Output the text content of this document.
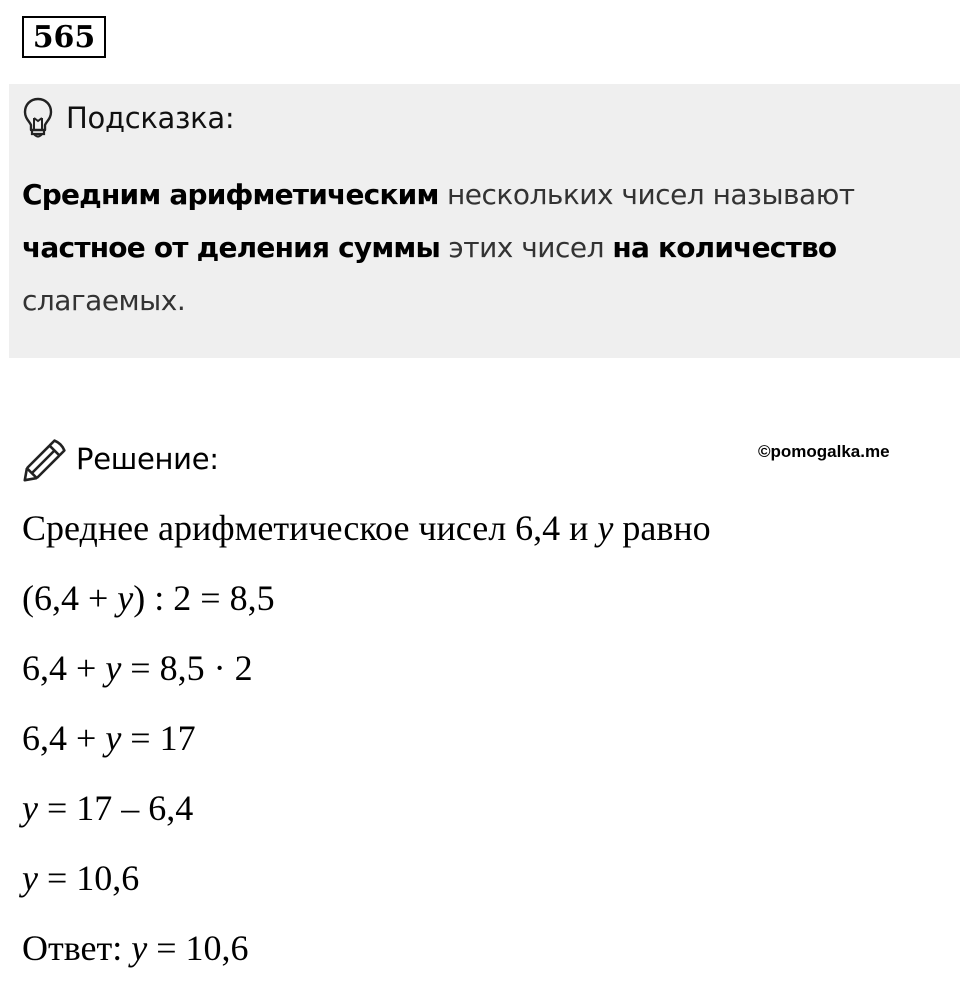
565
Подсказка:
Средним арифметическим нескольких чисел называют частное от деления суммы этих чисел на количество слагаемых.
Решение:	©pomogalka.me
Среднее арифметическое чисел 6,4 и y равно
(6,4 + y) : 2 = 8,5
6,4 + y = 8,5 · 2
6,4 + y = 17
y = 17 – 6,4
y = 10,6
Ответ: y = 10,6
